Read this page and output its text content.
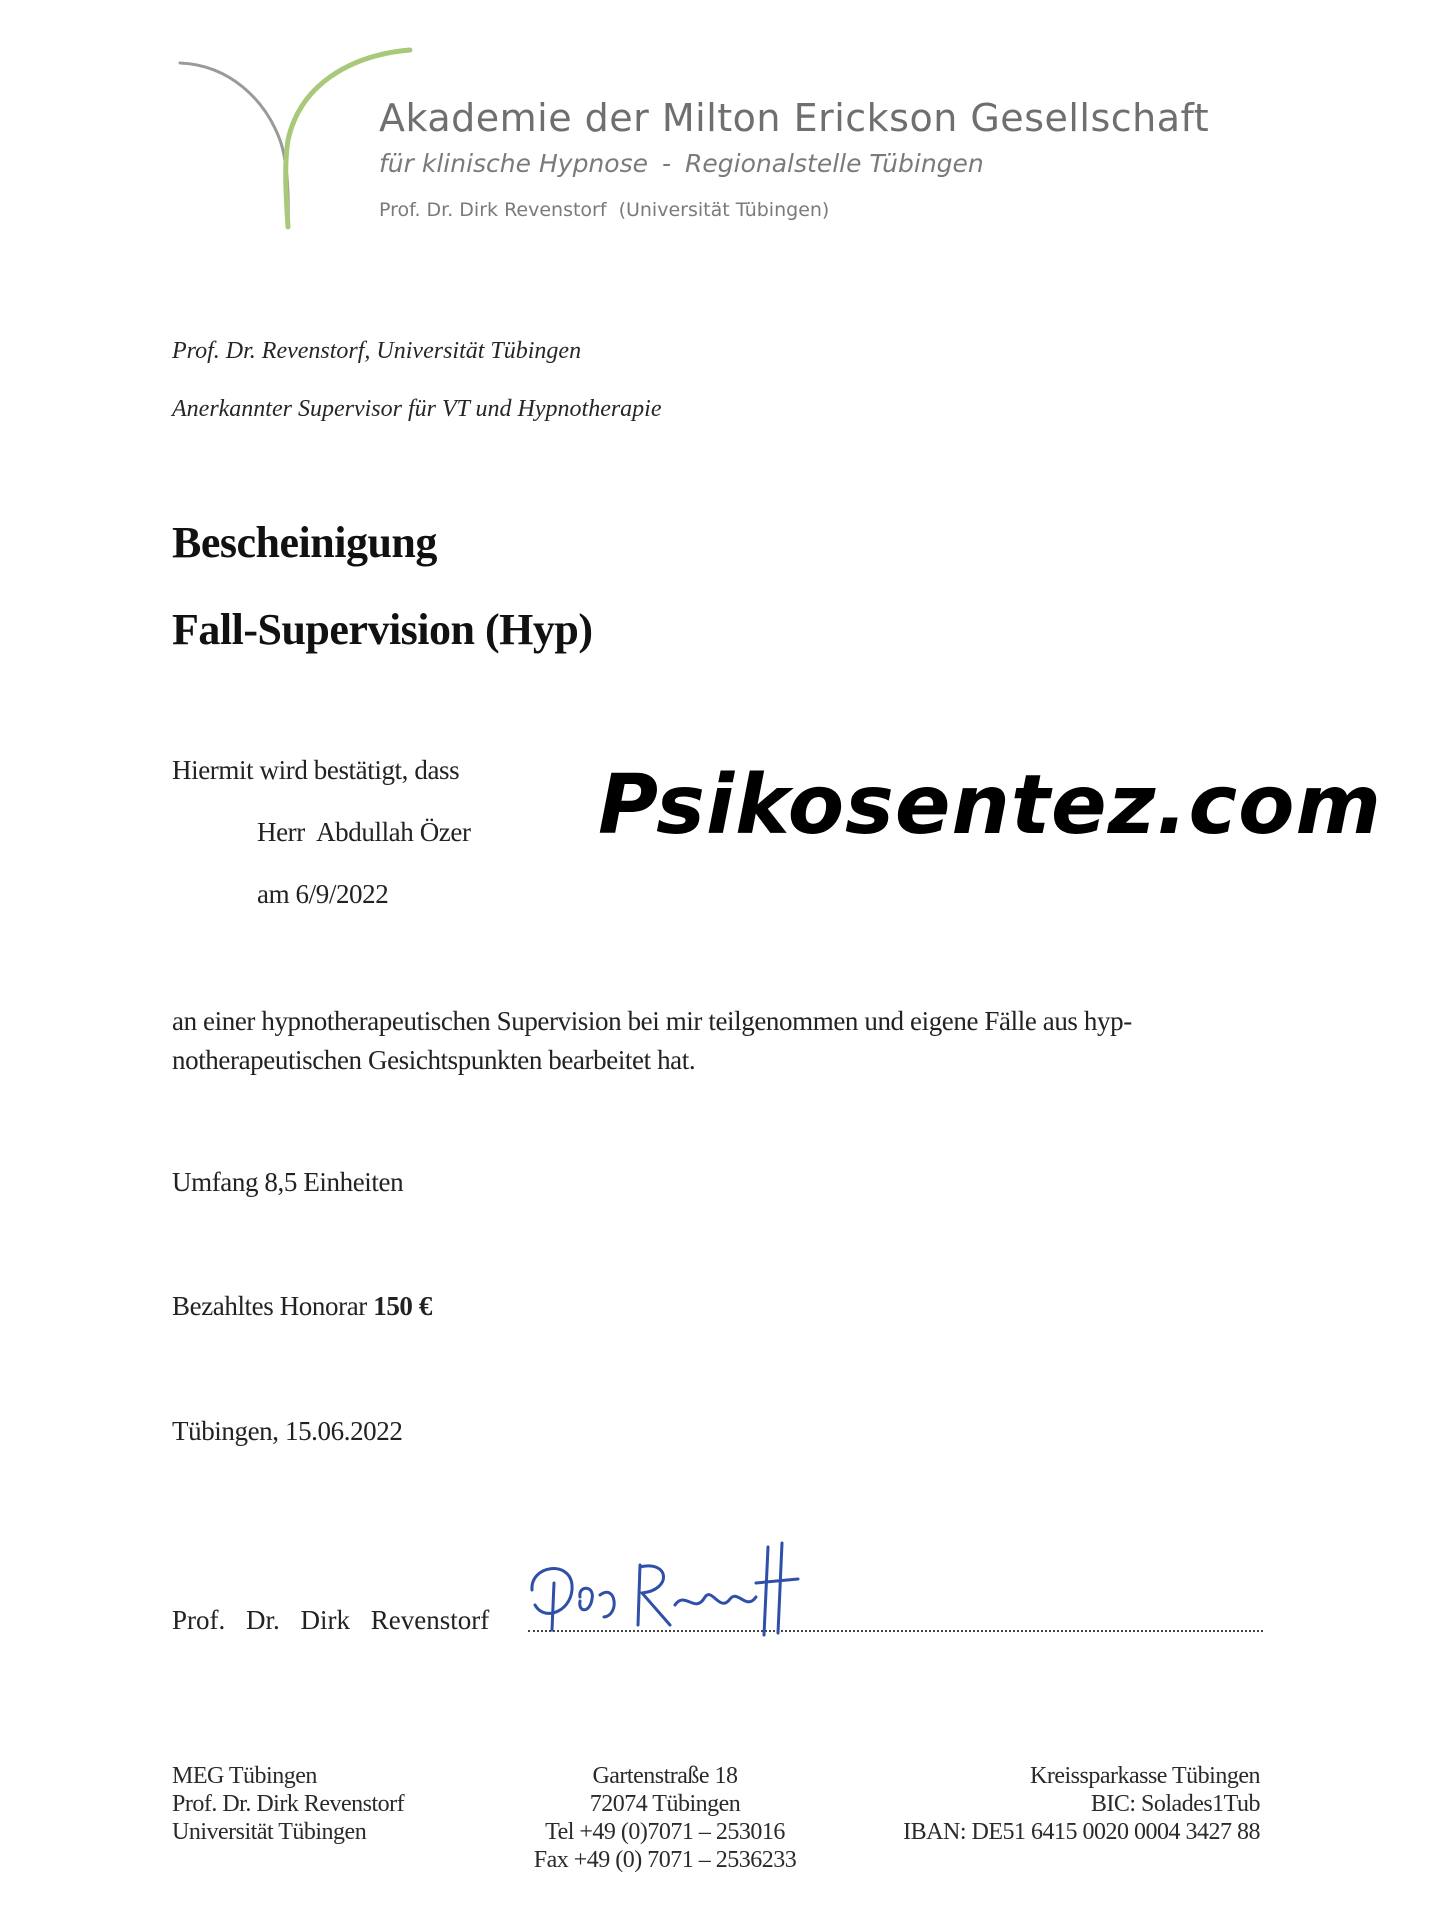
Akademie der Milton Erickson Gesellschaft
für klinische Hypnose - Regionalstelle Tübingen
Prof. Dr. Dirk Revenstorf (Universität Tübingen)
Prof. Dr. Revenstorf, Universität Tübingen
Anerkannter Supervisor für VT und Hypnotherapie
Bescheinigung
Fall-Supervision (Hyp)
Hiermit wird bestätigt, dass
Herr  Abdullah Özer
am 6/9/2022
Psikosentez.com
an einer hypnotherapeutischen Supervision bei mir teilgenommen und eigene Fälle aus hyp-notherapeutischen Gesichtspunkten bearbeitet hat.
Umfang 8,5 Einheiten
Bezahltes Honorar 150 €
Tübingen, 15.06.2022
Prof. Dr. Dirk Revenstorf
MEG Tübingen
Prof. Dr. Dirk Revenstorf
Universität Tübingen
Gartenstraße 18
72074 Tübingen
Tel +49 (0)7071 – 253016
Fax +49 (0) 7071 – 2536233
Kreissparkasse Tübingen
BIC: Solades1Tub
IBAN: DE51 6415 0020 0004 3427 88
